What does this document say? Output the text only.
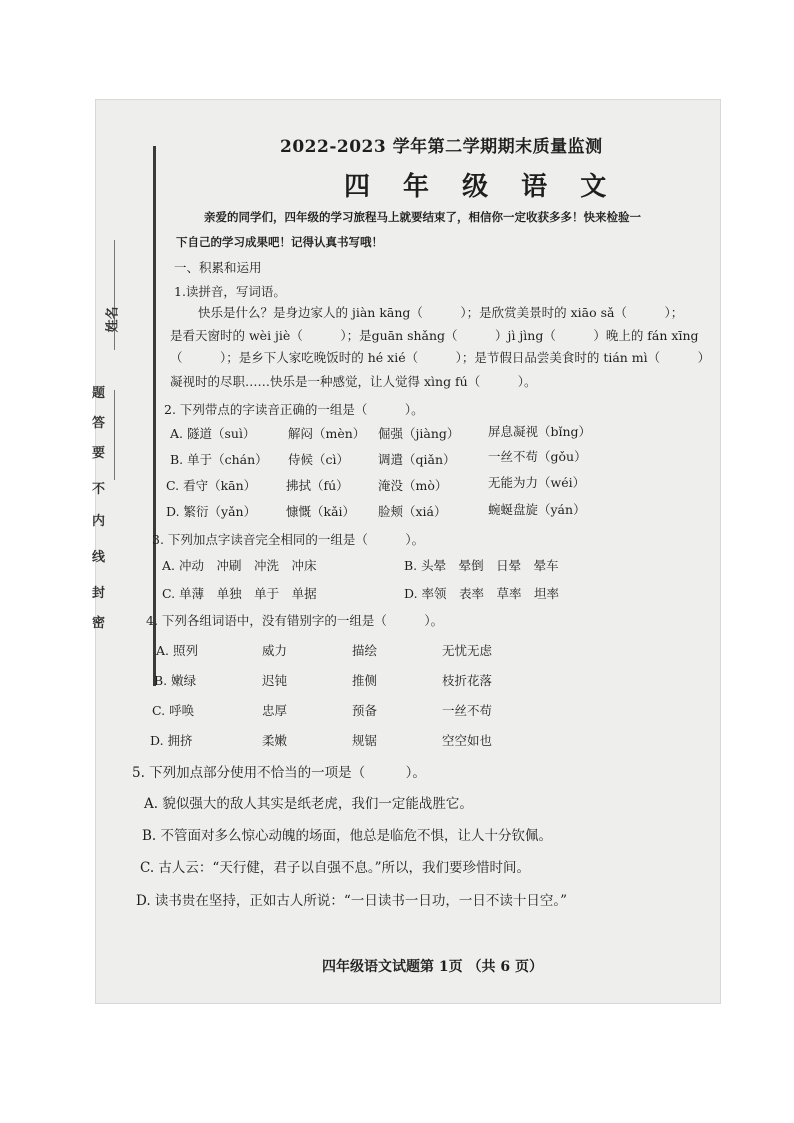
姓名
题
答
要
不
内
线
封
密
2022-2023 学年第二学期期末质量监测
四 年 级 语 文
亲爱的同学们，四年级的学习旅程马上就要结束了，相信你一定收获多多！快来检验一
下自己的学习成果吧！记得认真书写哦！
一、积累和运用
1.读拼音，写词语。
快乐是什么？是身边家人的 jiàn kāng（　　　）；是欣赏美景时的 xiāo sǎ（　　　）；
是看天窗时的 wèi jiè（　　　）；是guān shǎng（　　　）jì jìng（　　　）晚上的 fán xīng
（　　　）；是乡下人家吃晚饭时的 hé xié（　　　）；是节假日品尝美食时的 tián mì（　　　）
凝视时的尽职……快乐是一种感觉，让人觉得 xìng fú（　　　）。
2. 下列带点的字读音正确的一组是（　　　）。
A. 隧道（suì）	解闷（mèn） 倔强（jiàng） 屏息凝视（bǐng）
B. 单于（chán） 侍候（cì） 调遣（qiǎn）	一丝不苟（gǒu）
C. 看守（kān） 拂拭（fú） 淹没（mò）	无能为力（wéi）
D. 繁衍（yǎn） 慷慨（kǎi） 脸颊（xiá）	蜿蜒盘旋（yán）
3. 下列加点字读音完全相同的一组是（　　　）。
A. 冲动　冲刷　冲洗　冲床	B. 头晕　晕倒　日晕　晕车
C. 单薄　单独　单于　单据	D. 率领　表率　草率　坦率
4. 下列各组词语中，没有错别字的一组是（　　　）。
A. 照列	威力	描绘	无忧无虑
B. 嫩绿	迟钝	推侧	枝折花落
C. 呼唤	忠厚	预备	一丝不苟
D. 拥挤	柔嫩	规锯	空空如也
5. 下列加点部分使用不恰当的一项是（　　　）。
A. 貌似强大的敌人其实是纸老虎，我们一定能战胜它。
B. 不管面对多么惊心动魄的场面，他总是临危不惧，让人十分钦佩。
C. 古人云：“天行健，君子以自强不息。”所以，我们要珍惜时间。
D. 读书贵在坚持，正如古人所说：“一日读书一日功，一日不读十日空。”
四年级语文试题第 1页 （共 6 页）
